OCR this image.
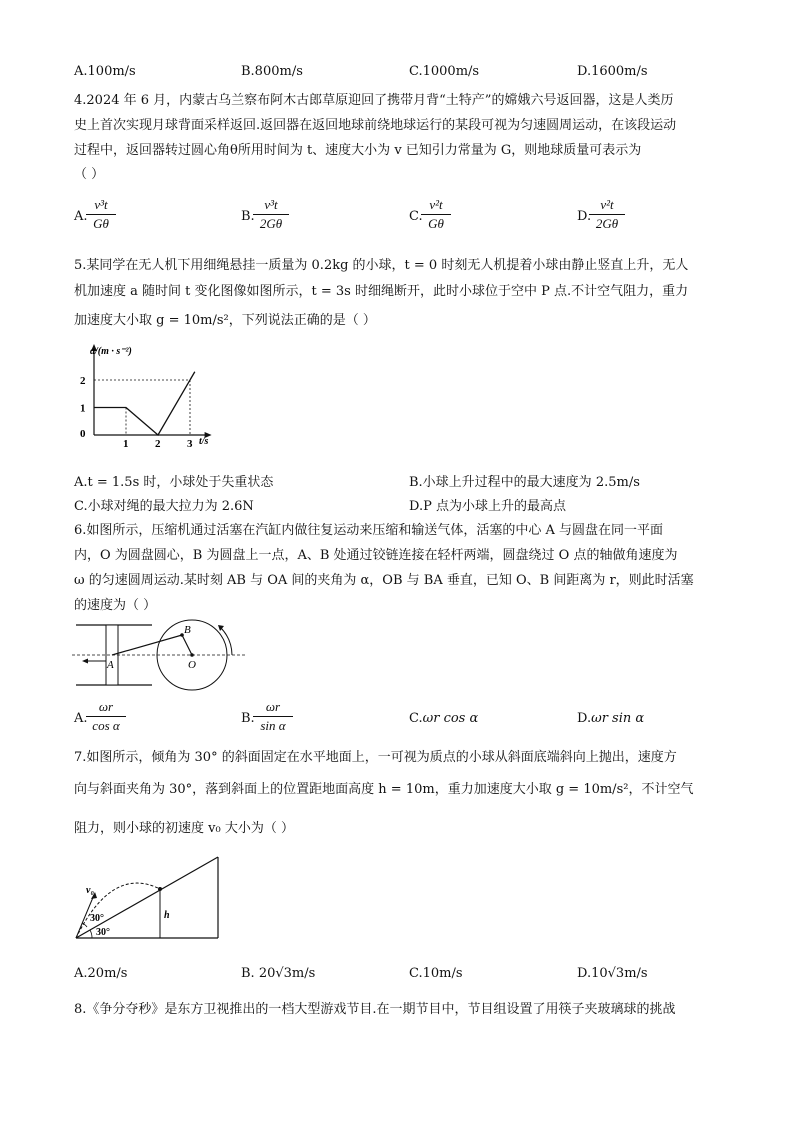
A.100m/s	B.800m/s	C.1000m/s	D.1600m/s
4.2024 年 6 月，内蒙古乌兰察布阿木古郎草原迎回了携带月背“土特产”的嫦娥六号返回器，这是人类历
史上首次实现月球背面采样返回.返回器在返回地球前绕地球运行的某段可视为匀速圆周运动，在该段运动
过程中，返回器转过圆心角θ所用时间为 t、速度大小为 v 已知引力常量为 G，则地球质量可表示为
（ ）
A.
v³t
Gθ	B.
v³t
2Gθ	C.
v²t
Gθ	D.
v²t
2Gθ
5.某同学在无人机下用细绳悬挂一质量为 0.2kg 的小球，t = 0 时刻无人机提着小球由静止竖直上升，无人
机加速度 a 随时间 t 变化图像如图所示，t = 3s 时细绳断开，此时小球位于空中 P 点.不计空气阻力，重力
加速度大小取 g = 10m/s²，下列说法正确的是（ ）
0
1 2 3
1
2
a/(m · s⁻²)
t/s
A.t = 1.5s 时，小球处于失重状态	B.小球上升过程中的最大速度为 2.5m/s
C.小球对绳的最大拉力为 2.6N	D.P 点为小球上升的最高点
6.如图所示，压缩机通过活塞在汽缸内做往复运动来压缩和输送气体，活塞的中心 A 与圆盘在同一平面
内，O 为圆盘圆心，B 为圆盘上一点，A、B 处通过铰链连接在轻杆两端，圆盘绕过 O 点的轴做角速度为
ω 的匀速圆周运动.某时刻 AB 与 OA 间的夹角为 α，OB 与 BA 垂直，已知 O、B 间距离为 r，则此时活塞
的速度为（ ）
A
B
O
A.
ωr
cos α	B.
ωr
sin α	C.ωr cos α	D.ωr sin α
7.如图所示，倾角为 30° 的斜面固定在水平地面上，一可视为质点的小球从斜面底端斜向上抛出，速度方
向与斜面夹角为 30°，落到斜面上的位置距地面高度 h = 10m，重力加速度大小取 g = 10m/s²，不计空气
阻力，则小球的初速度 v₀ 大小为（ ）
v₀
30°
30°
h
A.20m/s	B. 20√3m/s	C.10m/s	D.10√3m/s
8.《争分夺秒》是东方卫视推出的一档大型游戏节目.在一期节目中，节目组设置了用筷子夹玻璃球的挑战
